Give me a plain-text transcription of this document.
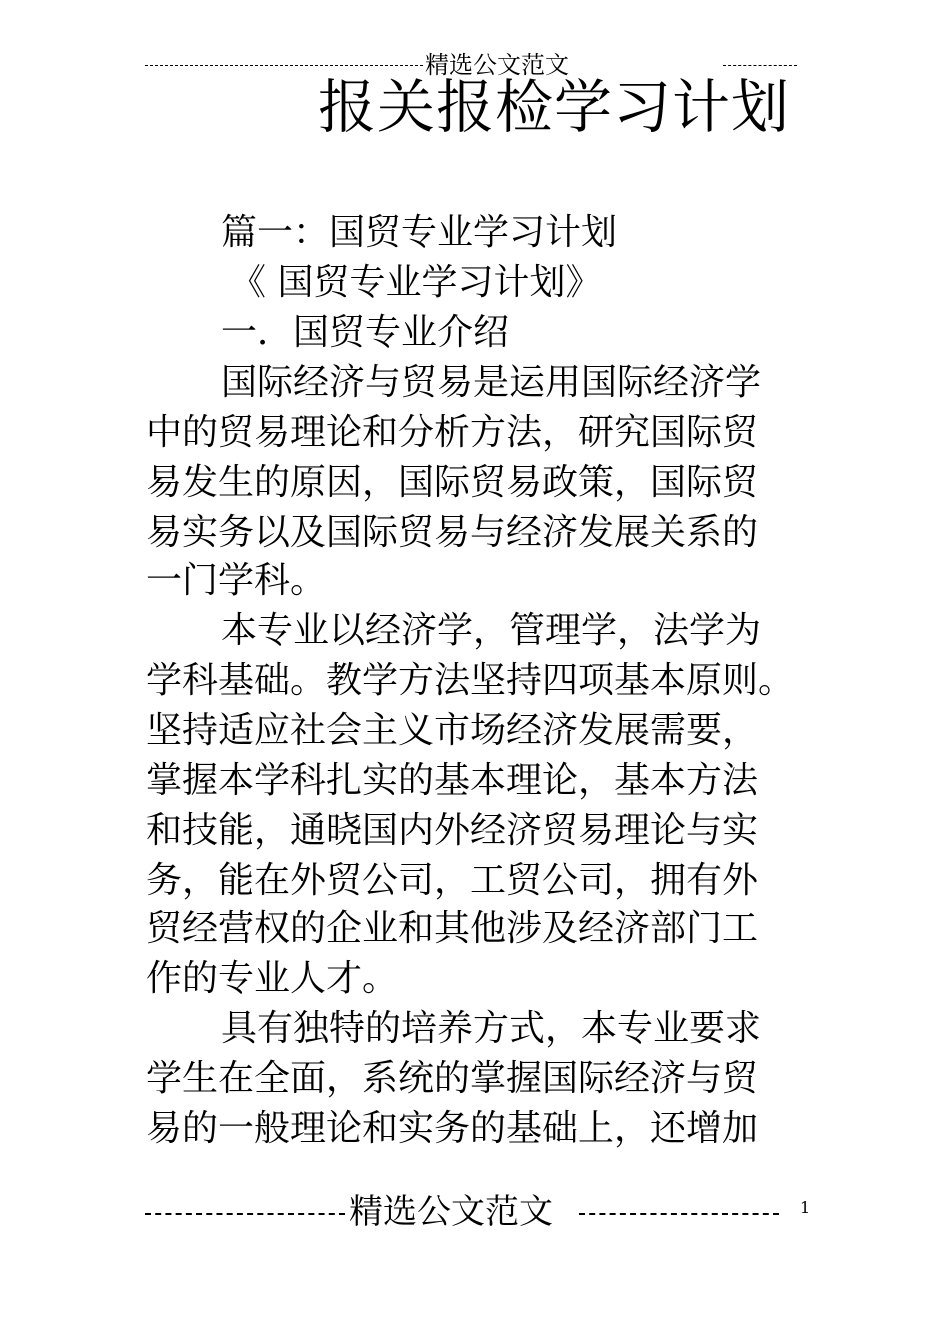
精选公文范文
报关报检学习计划
篇一：国贸专业学习计划
《 国贸专业学习计划》
一．国贸专业介绍
国际经济与贸易是运用国际经济学
中的贸易理论和分析方法，研究国际贸
易发生的原因，国际贸易政策，国际贸
易实务以及国际贸易与经济发展关系的
一门学科。
本专业以经济学，管理学，法学为
学科基础。教学方法坚持四项基本原则。
坚持适应社会主义市场经济发展需要，
掌握本学科扎实的基本理论，基本方法
和技能，通晓国内外经济贸易理论与实
务，能在外贸公司，工贸公司，拥有外
贸经营权的企业和其他涉及经济部门工
作的专业人才。
具有独特的培养方式，本专业要求
学生在全面，系统的掌握国际经济与贸
易的一般理论和实务的基础上，还增加
精选公文范文	1
